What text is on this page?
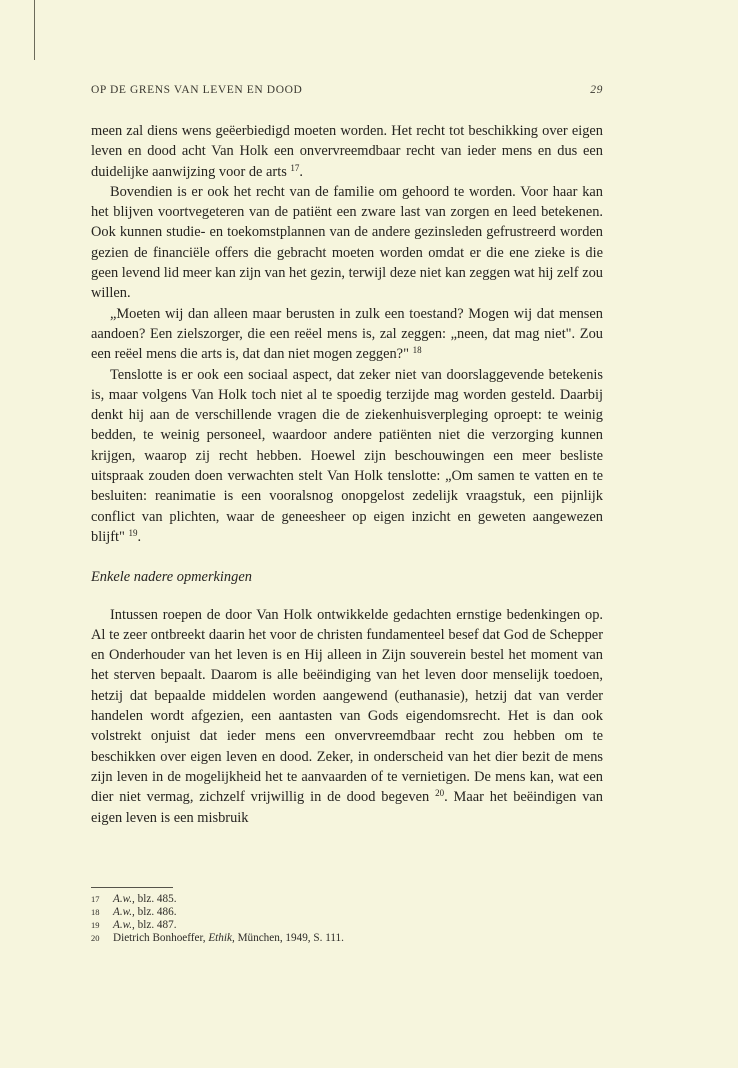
OP DE GRENS VAN LEVEN EN DOOD	29

meen zal diens wens geëerbiedigd moeten worden. Het recht tot beschikking over eigen leven en dood acht Van Holk een onvervreemdbaar recht van ieder mens en dus een duidelijke aanwijzing voor de arts $^{17}$.

Bovendien is er ook het recht van de familie om gehoord te worden. Voor haar kan het blijven voortvegeteren van de patiënt een zware last van zorgen en leed betekenen. Ook kunnen studie- en toekomstplannen van de andere gezinsleden gefrustreerd worden gezien de financiële offers die gebracht moeten worden omdat er die ene zieke is die geen levend lid meer kan zijn van het gezin, terwijl deze niet kan zeggen wat hij zelf zou willen.

„Moeten wij dan alleen maar berusten in zulk een toestand? Mogen wij dat mensen aandoen? Een zielszorger, die een reëel mens is, zal zeggen: „neen, dat mag niet". Zou een reëel mens die arts is, dat dan niet mogen zeggen?" $^{18}$

Tenslotte is er ook een sociaal aspect, dat zeker niet van doorslaggevende betekenis is, maar volgens Van Holk toch niet al te spoedig terzijde mag worden gesteld. Daarbij denkt hij aan de verschillende vragen die de ziekenhuisverpleging oproept: te weinig bedden, te weinig personeel, waardoor andere patiënten niet die verzorging kunnen krijgen, waarop zij recht hebben. Hoewel zijn beschouwingen een meer besliste uitspraak zouden doen verwachten stelt Van Holk tenslotte: „Om samen te vatten en te besluiten: reanimatie is een vooralsnog onopgelost zedelijk vraagstuk, een pijnlijk conflict van plichten, waar de geneesheer op eigen inzicht en geweten aangewezen blijft" $^{19}$.

Enkele nadere opmerkingen

Intussen roepen de door Van Holk ontwikkelde gedachten ernstige bedenkingen op. Al te zeer ontbreekt daarin het voor de christen fundamenteel besef dat God de Schepper en Onderhouder van het leven is en Hij alleen in Zijn souverein bestel het moment van het sterven bepaalt. Daarom is alle beëindiging van het leven door menselijk toedoen, hetzij dat bepaalde middelen worden aangewend (euthanasie), hetzij dat van verder handelen wordt afgezien, een aantasten van Gods eigendomsrecht. Het is dan ook volstrekt onjuist dat ieder mens een onvervreemdbaar recht zou hebben om te beschikken over eigen leven en dood. Zeker, in onderscheid van het dier bezit de mens zijn leven in de mogelijkheid het te aanvaarden of te vernietigen. De mens kan, wat een dier niet vermag, zichzelf vrijwillig in de dood begeven $^{20}$. Maar het beëindigen van eigen leven is een misbruik

17	A.w., blz. 485.
18	A.w., blz. 486.
19	A.w., blz. 487.
20	Dietrich Bonhoeffer, Ethik, München, 1949, S. 111.
